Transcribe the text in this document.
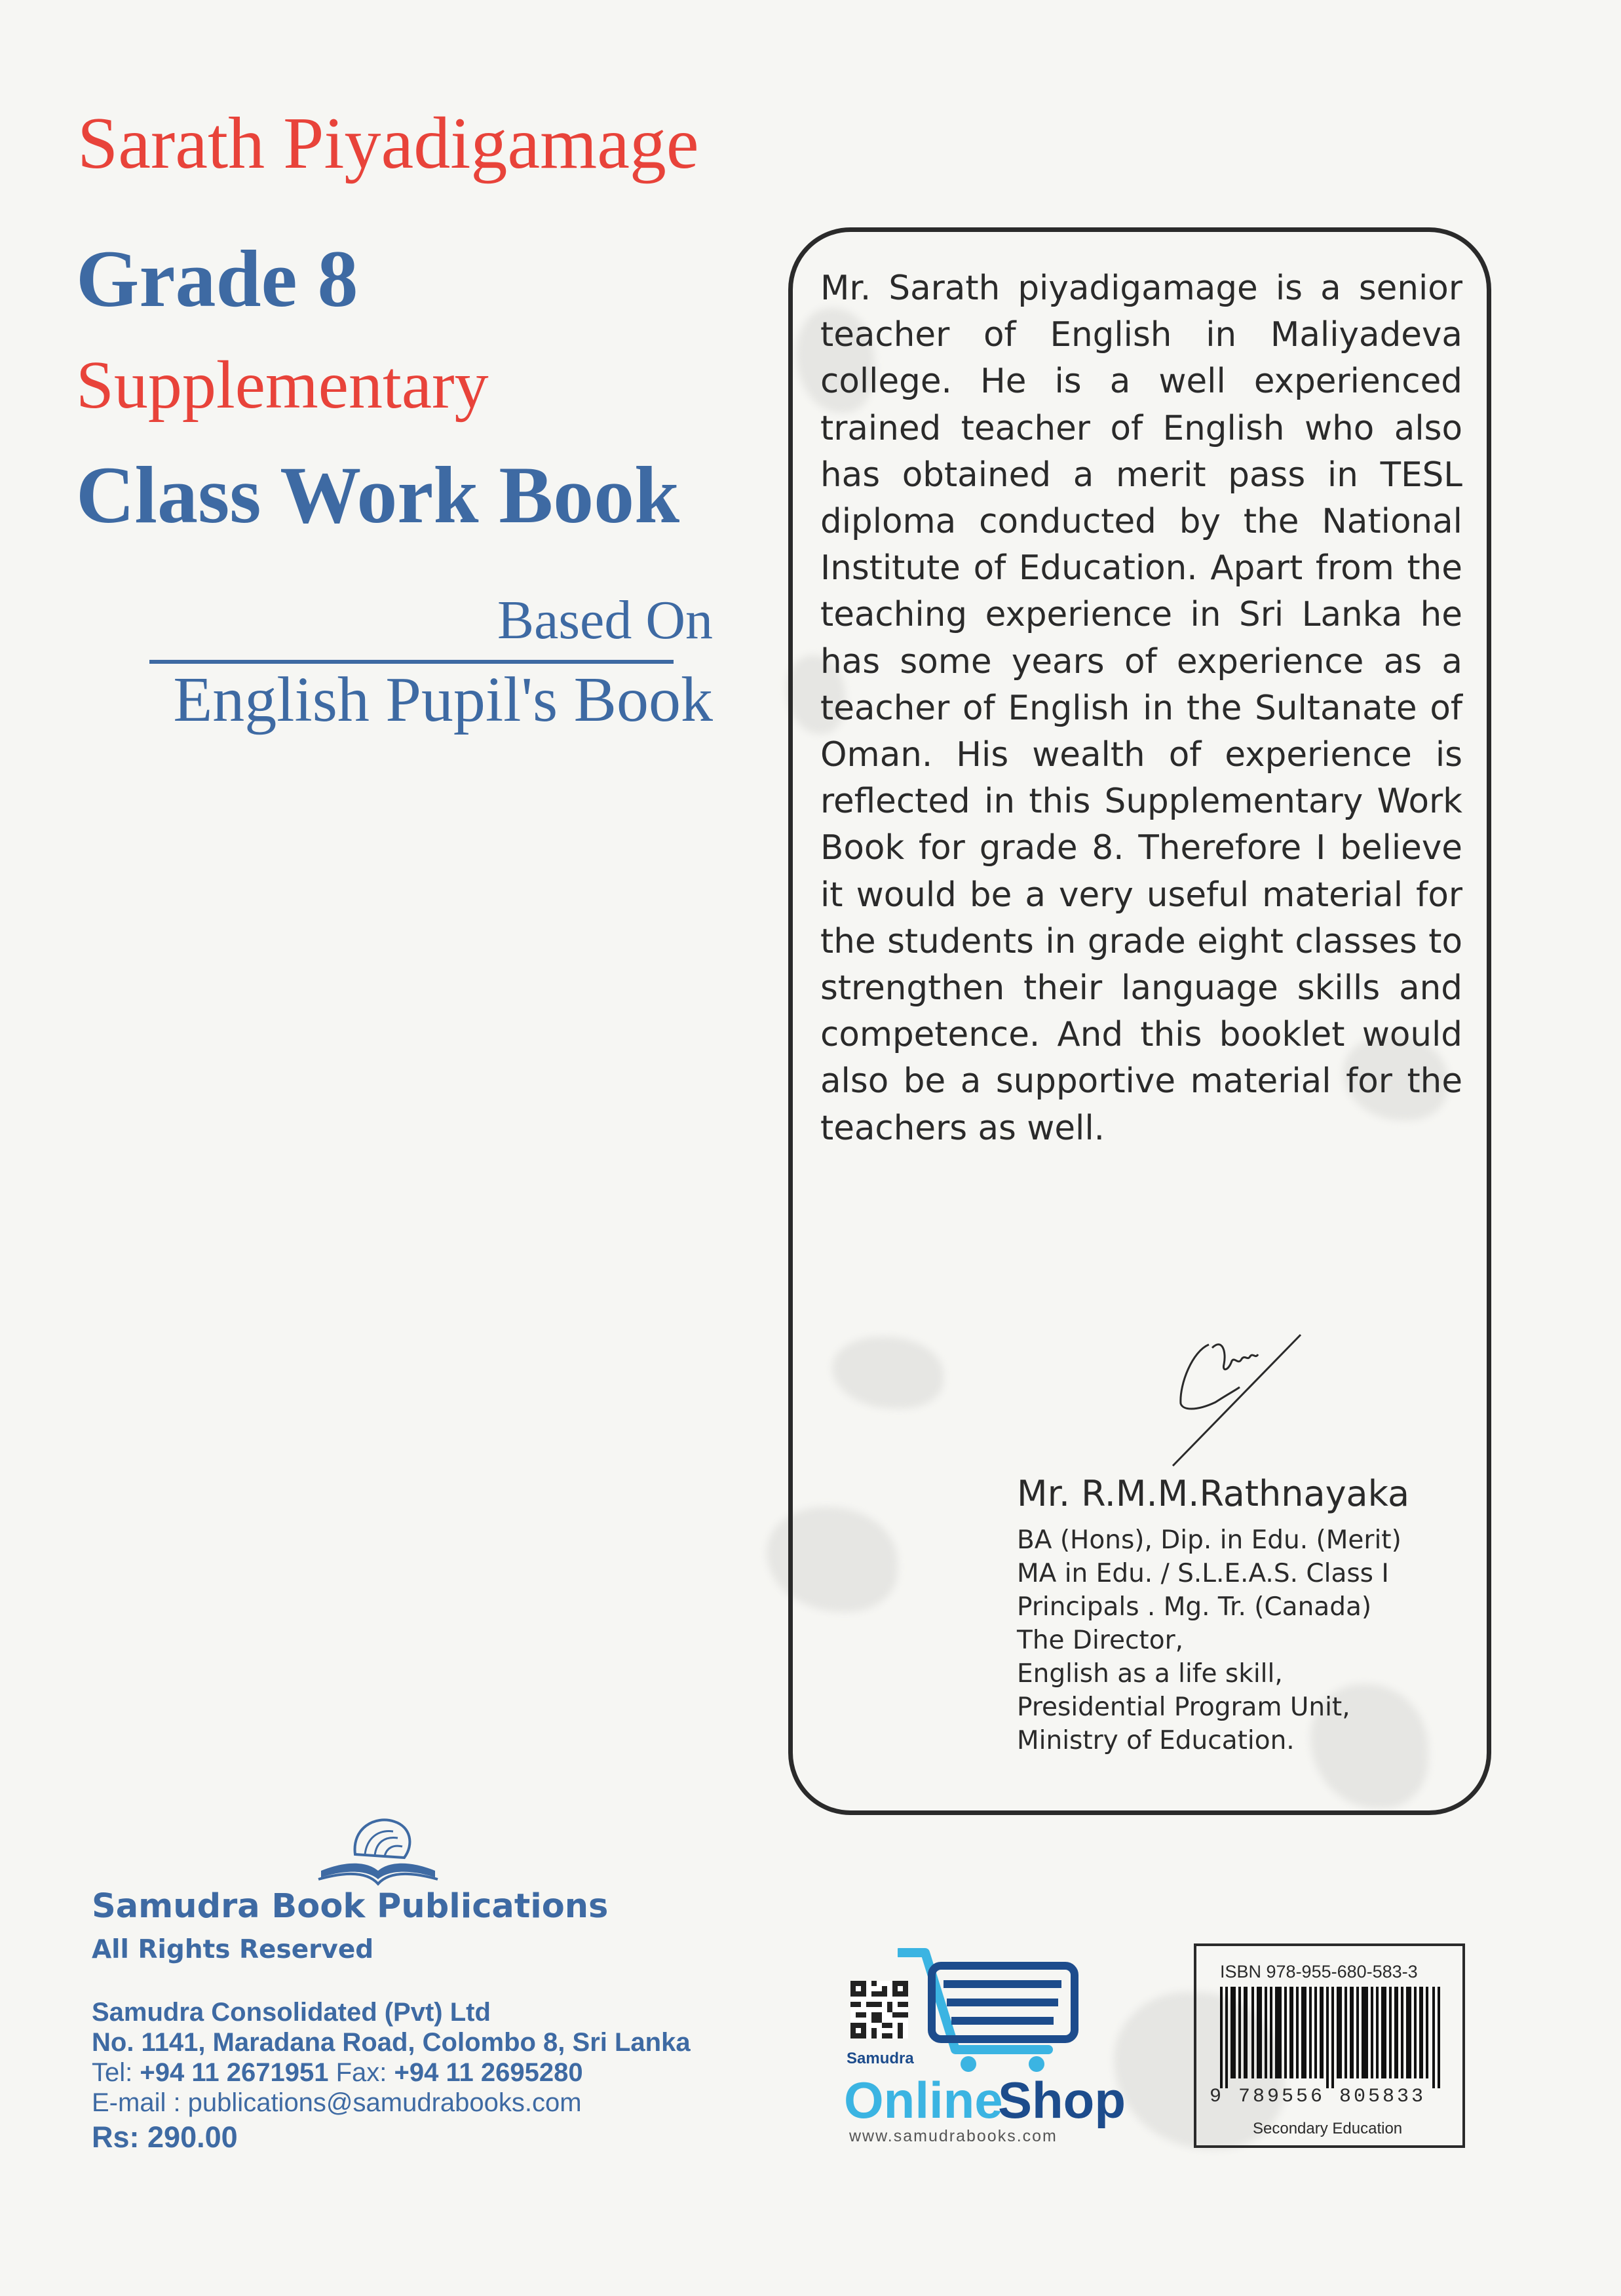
Sarath Piyadigamage
Grade 8
Supplementary
Class Work Book
Based On
English Pupil's Book
Mr. Sarath piyadigamage is a senior teacher of English in Maliyadeva college. He is a well experienced trained teacher of English who also has obtained a merit pass in TESL diploma conducted by the National Institute of Education. Apart from the teaching experience in Sri Lanka he has some years of experience as a teacher of English in the Sultanate of Oman. His wealth of experience is reflected in this Supplementary Work Book for grade 8. Therefore I believe it would be a very useful material for the students in grade eight classes to strengthen their language skills and competence. And this booklet would also be a supportive material for the teachers as well.
Mr. R.M.M.Rathnayaka
BA (Hons), Dip. in Edu. (Merit)
MA in Edu. / S.L.E.A.S. Class I
Principals . Mg. Tr. (Canada)
The Director,
English as a life skill,
Presidential Program Unit,
Ministry of Education.
Samudra Book Publications
All Rights Reserved
Samudra Consolidated (Pvt) Ltd
No. 1141, Maradana Road, Colombo 8, Sri Lanka
Tel: +94 11 2671951 Fax: +94 11 2695280
E-mail : publications@samudrabooks.com
Rs: 290.00
Samudra
Online
Shop
www.samudrabooks.com
ISBN 978-955-680-583-3
9 789556 805833
Secondary Education
